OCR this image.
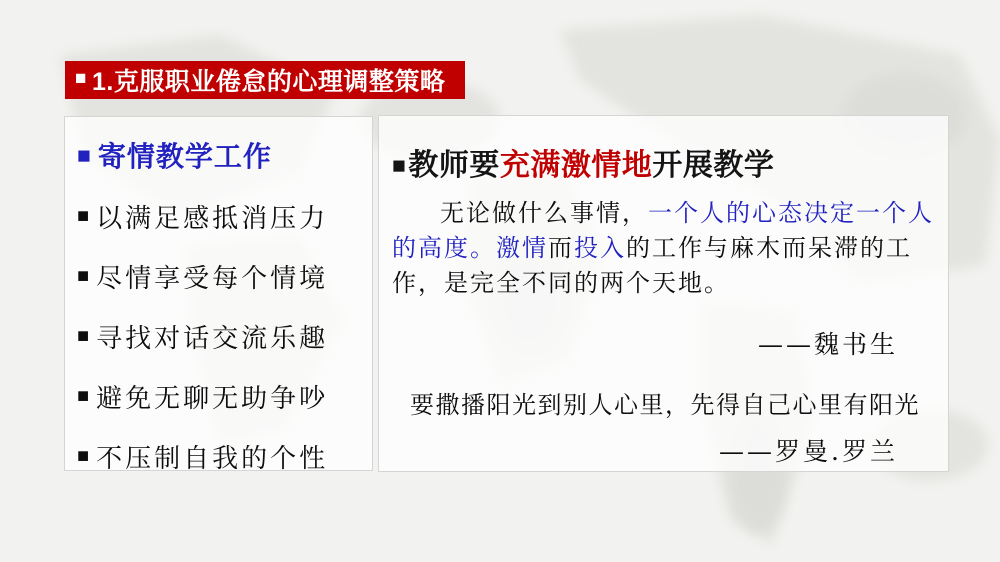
■ 1.克服职业倦怠的心理调整策略
■ 寄情教学工作
■ 以满足感抵消压力
■ 尽情享受每个情境
■ 寻找对话交流乐趣
■ 避免无聊无助争吵
■ 不压制自我的个性
■教师要充满激情地开展教学

无论做什么事情，一个人的心态决定一个人的高度。激情而投入的工作与麻木而呆滞的工作，是完全不同的两个天地。

——魏书生
要撒播阳光到别人心里，先得自己心里有阳光
——罗曼.罗兰
